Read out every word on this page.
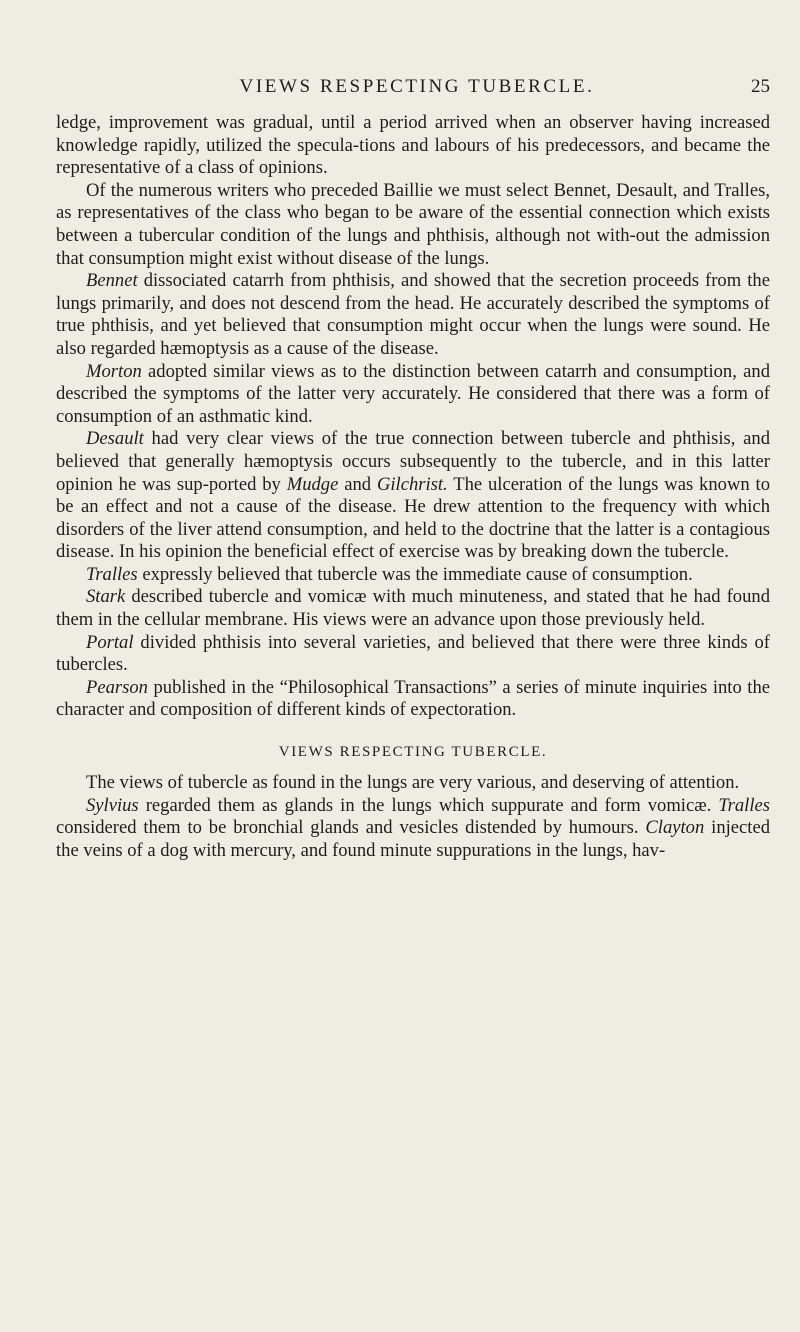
VIEWS RESPECTING TUBERCLE.	25

ledge, improvement was gradual, until a period arrived when an observer having increased knowledge rapidly, utilized the specula-tions and labours of his predecessors, and became the representative of a class of opinions.

Of the numerous writers who preceded Baillie we must select Bennet, Desault, and Tralles, as representatives of the class who began to be aware of the essential connection which exists between a tubercular condition of the lungs and phthisis, although not with-out the admission that consumption might exist without disease of the lungs.

Bennet dissociated catarrh from phthisis, and showed that the secretion proceeds from the lungs primarily, and does not descend from the head. He accurately described the symptoms of true phthisis, and yet believed that consumption might occur when the lungs were sound. He also regarded hæmoptysis as a cause of the disease.

Morton adopted similar views as to the distinction between catarrh and consumption, and described the symptoms of the latter very accurately. He considered that there was a form of consumption of an asthmatic kind.

Desault had very clear views of the true connection between tubercle and phthisis, and believed that generally hæmoptysis occurs subsequently to the tubercle, and in this latter opinion he was sup-ported by Mudge and Gilchrist. The ulceration of the lungs was known to be an effect and not a cause of the disease. He drew attention to the frequency with which disorders of the liver attend consumption, and held to the doctrine that the latter is a contagious disease. In his opinion the beneficial effect of exercise was by breaking down the tubercle.

Tralles expressly believed that tubercle was the immediate cause of consumption.

Stark described tubercle and vomicæ with much minuteness, and stated that he had found them in the cellular membrane. His views were an advance upon those previously held.

Portal divided phthisis into several varieties, and believed that there were three kinds of tubercles.

Pearson published in the “Philosophical Transactions” a series of minute inquiries into the character and composition of different kinds of expectoration.

VIEWS RESPECTING TUBERCLE.

The views of tubercle as found in the lungs are very various, and deserving of attention.

Sylvius regarded them as glands in the lungs which suppurate and form vomicæ. Tralles considered them to be bronchial glands and vesicles distended by humours. Clayton injected the veins of a dog with mercury, and found minute suppurations in the lungs, hav-
